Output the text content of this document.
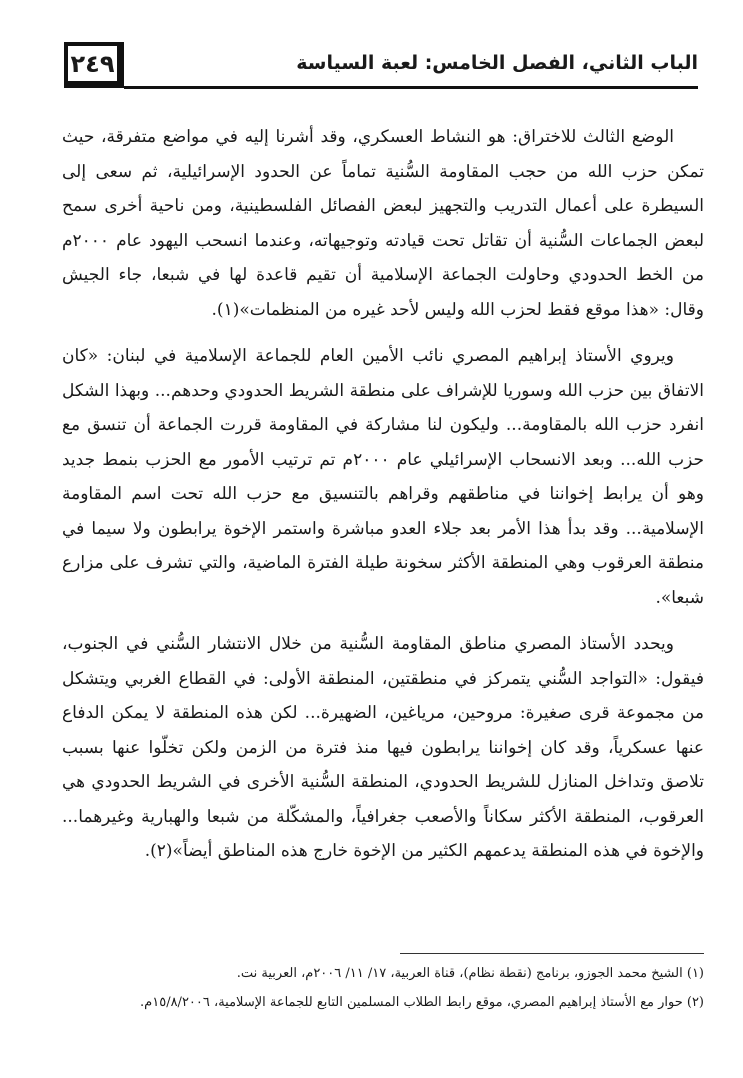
٢٤٩	الباب الثاني، الفصل الخامس: لعبة السياسة

الوضع الثالث للاختراق: هو النشاط العسكري، وقد أشرنا إليه في مواضع متفرقة، حيث تمكن حزب الله من حجب المقاومة السُّنية تماماً عن الحدود الإسرائيلية، ثم سعى إلى السيطرة على أعمال التدريب والتجهيز لبعض الفصائل الفلسطينية، ومن ناحية أخرى سمح لبعض الجماعات السُّنية أن تقاتل تحت قيادته وتوجيهاته، وعندما انسحب اليهود عام ٢٠٠٠م من الخط الحدودي وحاولت الجماعة الإسلامية أن تقيم قاعدة لها في شبعا، جاء الجيش وقال: «هذا موقع فقط لحزب الله وليس لأحد غيره من المنظمات»(١).

ويروي الأستاذ إبراهيم المصري نائب الأمين العام للجماعة الإسلامية في لبنان: «كان الاتفاق بين حزب الله وسوريا للإشراف على منطقة الشريط الحدودي وحدهم... وبهذا الشكل انفرد حزب الله بالمقاومة... وليكون لنا مشاركة في المقاومة قررت الجماعة أن تنسق مع حزب الله... وبعد الانسحاب الإسرائيلي عام ٢٠٠٠م تم ترتيب الأمور مع الحزب بنمط جديد وهو أن يرابط إخواننا في مناطقهم وقراهم بالتنسيق مع حزب الله تحت اسم المقاومة الإسلامية... وقد بدأ هذا الأمر بعد جلاء العدو مباشرة واستمر الإخوة يرابطون ولا سيما في منطقة العرقوب وهي المنطقة الأكثر سخونة طيلة الفترة الماضية، والتي تشرف على مزارع شبعا».

ويحدد الأستاذ المصري مناطق المقاومة السُّنية من خلال الانتشار السُّني في الجنوب، فيقول: «التواجد السُّني يتمركز في منطقتين، المنطقة الأولى: في القطاع الغربي ويتشكل من مجموعة قرى صغيرة: مروحين، مرياغين، الضهيرة... لكن هذه المنطقة لا يمكن الدفاع عنها عسكرياً، وقد كان إخواننا يرابطون فيها منذ فترة من الزمن ولكن تخلّوا عنها بسبب تلاصق وتداخل المنازل للشريط الحدودي، المنطقة السُّنية الأخرى في الشريط الحدودي هي العرقوب، المنطقة الأكثر سكاناً والأصعب جغرافياً، والمشكّلة من شبعا والهبارية وغيرهما... والإخوة في هذه المنطقة يدعمهم الكثير من الإخوة خارج هذه المناطق أيضاً»(٢).

(١) الشيخ محمد الجوزو، برنامج (نقطة نظام)، قناة العربية، ١٧/ ١١/ ٢٠٠٦م، العربية نت.

(٢) حوار مع الأستاذ إبراهيم المصري، موقع رابط الطلاب المسلمين التابع للجماعة الإسلامية، ١٥/٨/٢٠٠٦م.
